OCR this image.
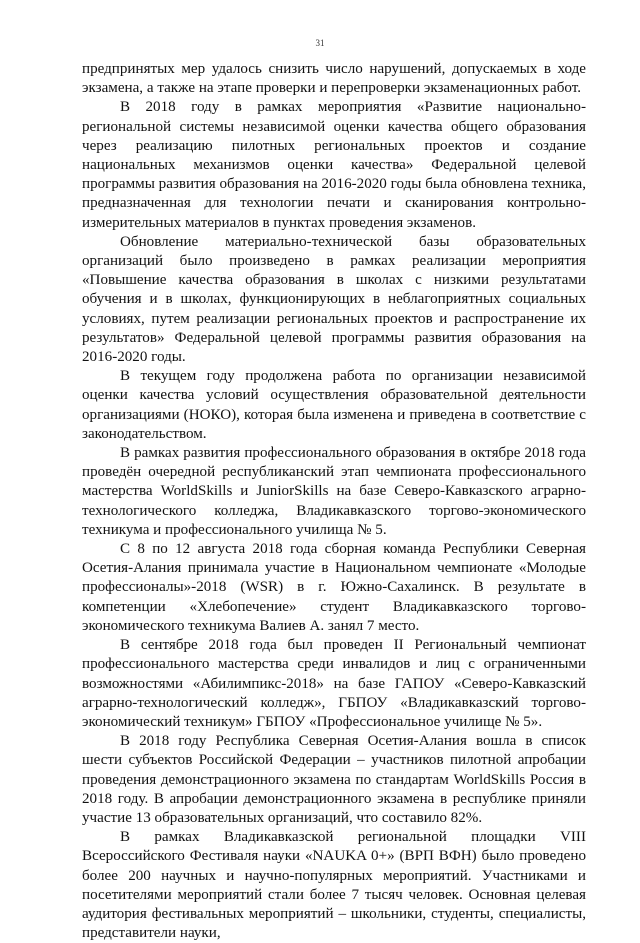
31

предпринятых мер удалось снизить число нарушений, допускаемых в ходе экзамена, а также на этапе проверки и перепроверки экзаменационных работ.

В 2018 году в рамках мероприятия «Развитие национально-региональной системы независимой оценки качества общего образования через реализацию пилотных региональных проектов и создание национальных механизмов оценки качества» Федеральной целевой программы развития образования на 2016-2020 годы была обновлена техника, предназначенная для технологии печати и сканирования контрольно-измерительных материалов в пунктах проведения экзаменов.

Обновление материально-технической базы образовательных организаций было произведено в рамках реализации мероприятия «Повышение качества образования в школах с низкими результатами обучения и в школах, функционирующих в неблагоприятных социальных условиях, путем реализации региональных проектов и распространение их результатов» Федеральной целевой программы развития образования на 2016-2020 годы.

В текущем году продолжена работа по организации независимой оценки качества условий осуществления образовательной деятельности организациями (НОКО), которая была изменена и приведена в соответствие с законодательством.

В рамках развития профессионального образования в октябре 2018 года проведён очередной республиканский этап чемпионата профессионального мастерства WorldSkills и JuniorSkills на базе Северо-Кавказского аграрно-технологического колледжа, Владикавказского торгово-экономического техникума и профессионального училища № 5.

С 8 по 12 августа 2018 года сборная команда Республики Северная Осетия-Алания принимала участие в Национальном чемпионате «Молодые профессионалы»-2018 (WSR) в г. Южно-Сахалинск. В результате в компетенции «Хлебопечение» студент Владикавказского торгово-экономического техникума Валиев А. занял 7 место.

В сентябре 2018 года был проведен II Региональный чемпионат профессионального мастерства среди инвалидов и лиц с ограниченными возможностями «Абилимпикс-2018» на базе ГАПОУ «Северо-Кавказский аграрно-технологический колледж», ГБПОУ «Владикавказский торгово-экономический техникум» ГБПОУ «Профессиональное училище № 5».

В 2018 году Республика Северная Осетия-Алания вошла в список шести субъектов Российской Федерации – участников пилотной апробации проведения демонстрационного экзамена по стандартам WorldSkills Россия в 2018 году. В апробации демонстрационного экзамена в республике приняли участие 13 образовательных организаций, что составило 82%.

В рамках Владикавказской региональной площадки VIII Всероссийского Фестиваля науки «NAUKA 0+» (ВРП ВФН) было проведено более 200 научных и научно-популярных мероприятий. Участниками и посетителями мероприятий стали более 7 тысяч человек. Основная целевая аудитория фестивальных мероприятий – школьники, студенты, специалисты, представители науки,
